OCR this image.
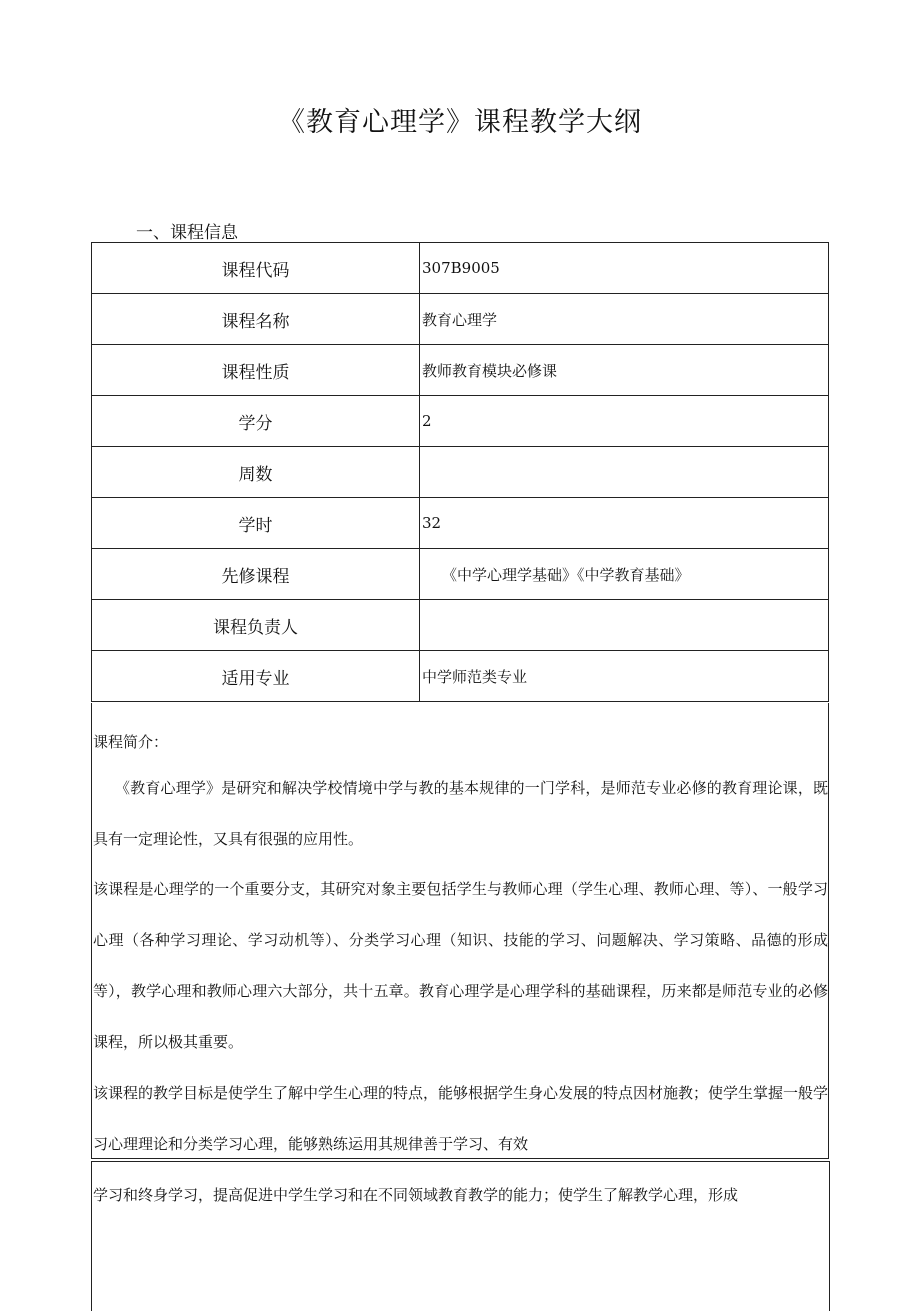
《教育心理学》课程教学大纲
一、课程信息
课程代码	307B9005
课程名称	教育心理学
课程性质	教师教育模块必修课
学分	2
周数	
学时	32
先修课程	《中学心理学基础》《中学教育基础》
课程负责人	
适用专业	中学师范类专业
课程简介：
《教育心理学》是研究和解决学校情境中学与教的基本规律的一门学科，是师范专业必修的教育理论课，既具有一定理论性，又具有很强的应用性。
该课程是心理学的一个重要分支，其研究对象主要包括学生与教师心理（学生心理、教师心理、等）、一般学习心理（各种学习理论、学习动机等）、分类学习心理（知识、技能的学习、问题解决、学习策略、品德的形成等），教学心理和教师心理六大部分，共十五章。教育心理学是心理学科的基础课程，历来都是师范专业的必修课程，所以极其重要。
该课程的教学目标是使学生了解中学生心理的特点，能够根据学生身心发展的特点因材施教；使学生掌握一般学习心理理论和分类学习心理，能够熟练运用其规律善于学习、有效
学习和终身学习，提高促进中学生学习和在不同领域教育教学的能力；使学生了解教学心理，形成
